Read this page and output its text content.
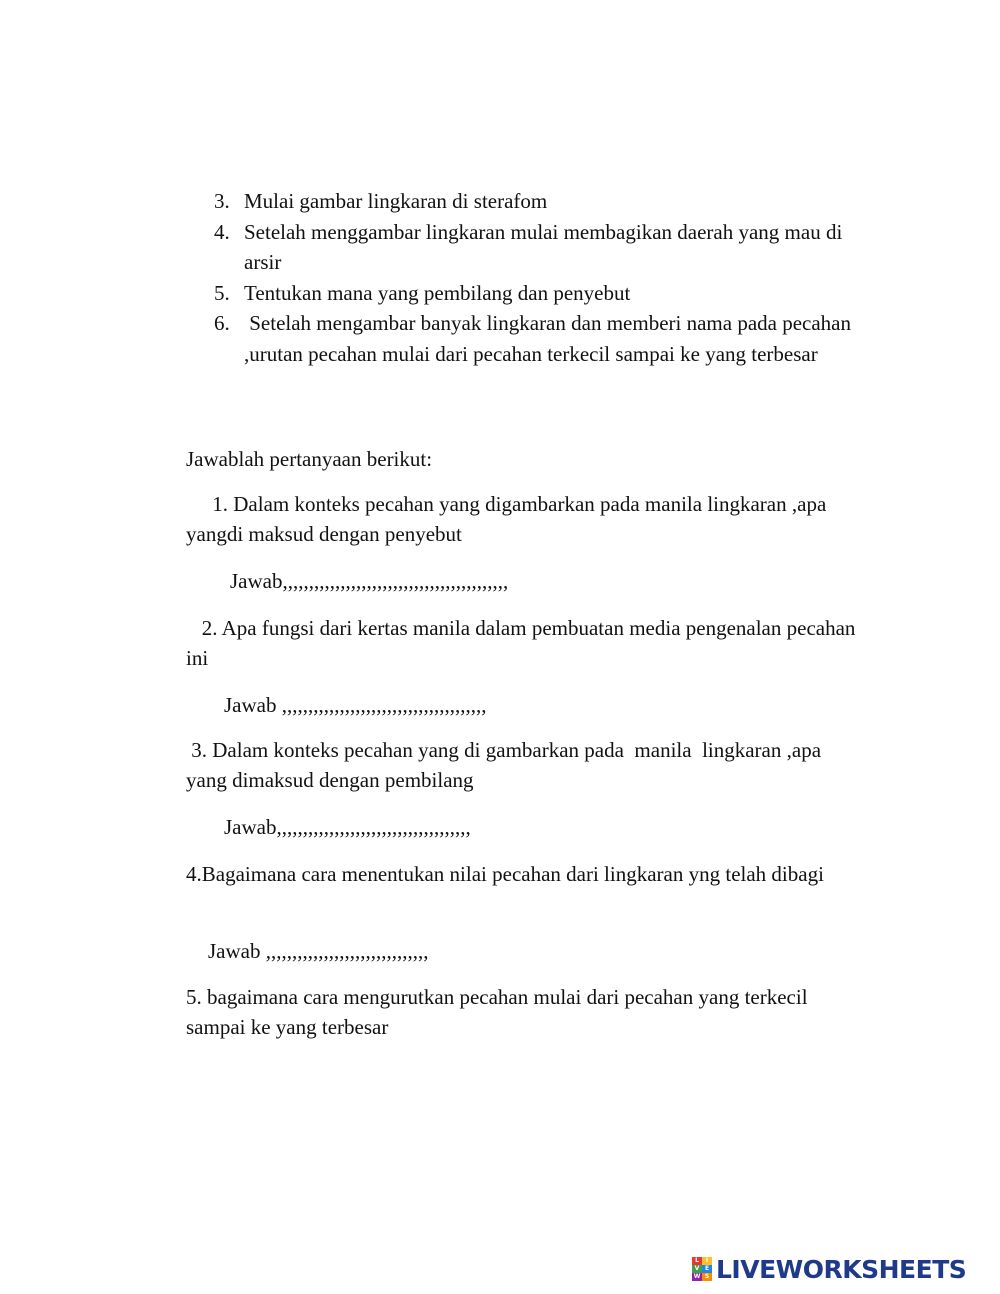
3. Mulai gambar lingkaran di sterafom
4. Setelah menggambar lingkaran mulai membagikan daerah yang mau di arsir
5. Tentukan mana yang pembilang dan penyebut
6. Setelah mengambar banyak lingkaran dan memberi nama pada pecahan ,urutan pecahan mulai dari pecahan terkecil sampai ke yang terbesar
Jawablah pertanyaan berikut:
1. Dalam konteks pecahan yang digambarkan pada manila lingkaran ,apa yangdi maksud dengan penyebut
Jawab,,,,,,,,,,,,,,,,,,,,,,,,,,,,,,,,,,,,,,,,,,,
2. Apa fungsi dari kertas manila dalam pembuatan media pengenalan pecahan ini
Jawab ,,,,,,,,,,,,,,,,,,,,,,,,,,,,,,,,,,,,,,,
3. Dalam konteks pecahan yang di gambarkan pada  manila  lingkaran ,apa yang dimaksud dengan pembilang
Jawab,,,,,,,,,,,,,,,,,,,,,,,,,,,,,,,,,,,,,
4.Bagaimana cara menentukan nilai pecahan dari lingkaran yng telah dibagi
Jawab ,,,,,,,,,,,,,,,,,,,,,,,,,,,,,,,
5. bagaimana cara mengurutkan pecahan mulai dari pecahan yang terkecil sampai ke yang terbesar
L	I
V E
W S LIVEWORKSHEETS
